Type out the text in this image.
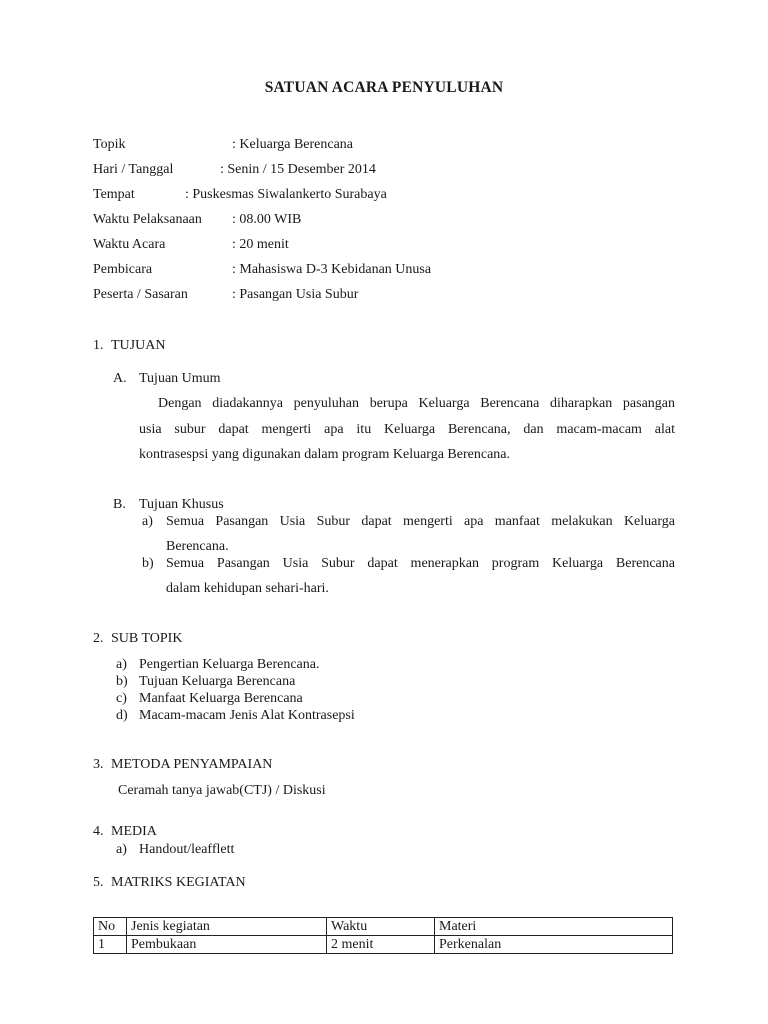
SATUAN ACARA PENYULUHAN
Topik	: Keluarga Berencana
Hari / Tanggal	: Senin / 15 Desember 2014
Tempat	: Puskesmas Siwalankerto Surabaya
Waktu Pelaksanaan : 08.00 WIB
Waktu Acara	: 20 menit
Pembicara	: Mahasiswa D-3 Kebidanan Unusa
Peserta / Sasaran	: Pasangan Usia Subur
1. TUJUAN
A. Tujuan Umum
Dengan diadakannya penyuluhan berupa Keluarga Berencana diharapkan pasangan
usia subur dapat mengerti apa itu Keluarga Berencana, dan macam-macam alat
kontrasespsi yang digunakan dalam program Keluarga Berencana.
B. Tujuan Khusus
a) Semua Pasangan Usia Subur dapat mengerti apa manfaat melakukan Keluarga
Berencana.
b) Semua Pasangan Usia Subur dapat menerapkan program Keluarga Berencana
dalam kehidupan sehari-hari.
2. SUB TOPIK
a) Pengertian Keluarga Berencana.
b) Tujuan Keluarga Berencana
c) Manfaat Keluarga Berencana
d) Macam-macam Jenis Alat Kontrasepsi
3. METODA PENYAMPAIAN
Ceramah tanya jawab(CTJ) / Diskusi
4. MEDIA
a) Handout/leafflett
5. MATRIKS KEGIATAN
No	Jenis kegiatan	Waktu	Materi
1	Pembukaan	2 menit	Perkenalan
